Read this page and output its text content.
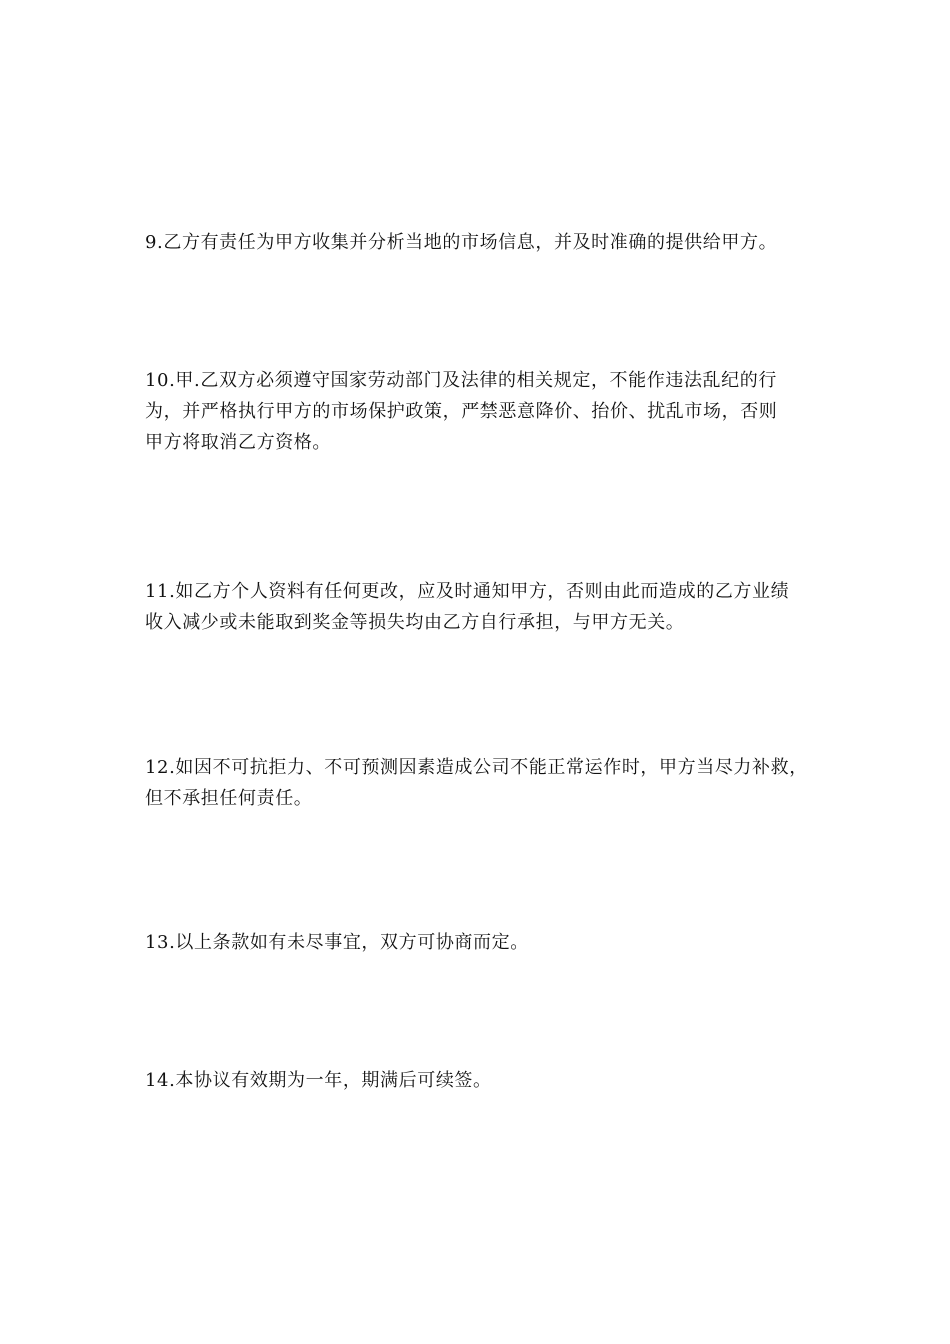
9.乙方有责任为甲方收集并分析当地的市场信息，并及时准确的提供给甲方。
10.甲.乙双方必须遵守国家劳动部门及法律的相关规定，不能作违法乱纪的行
为，并严格执行甲方的市场保护政策，严禁恶意降价、抬价、扰乱市场，否则
甲方将取消乙方资格。
11.如乙方个人资料有任何更改，应及时通知甲方，否则由此而造成的乙方业绩
收入减少或未能取到奖金等损失均由乙方自行承担，与甲方无关。
12.如因不可抗拒力、不可预测因素造成公司不能正常运作时，甲方当尽力补救，
但不承担任何责任。
13.以上条款如有未尽事宜，双方可协商而定。
14.本协议有效期为一年，期满后可续签。
